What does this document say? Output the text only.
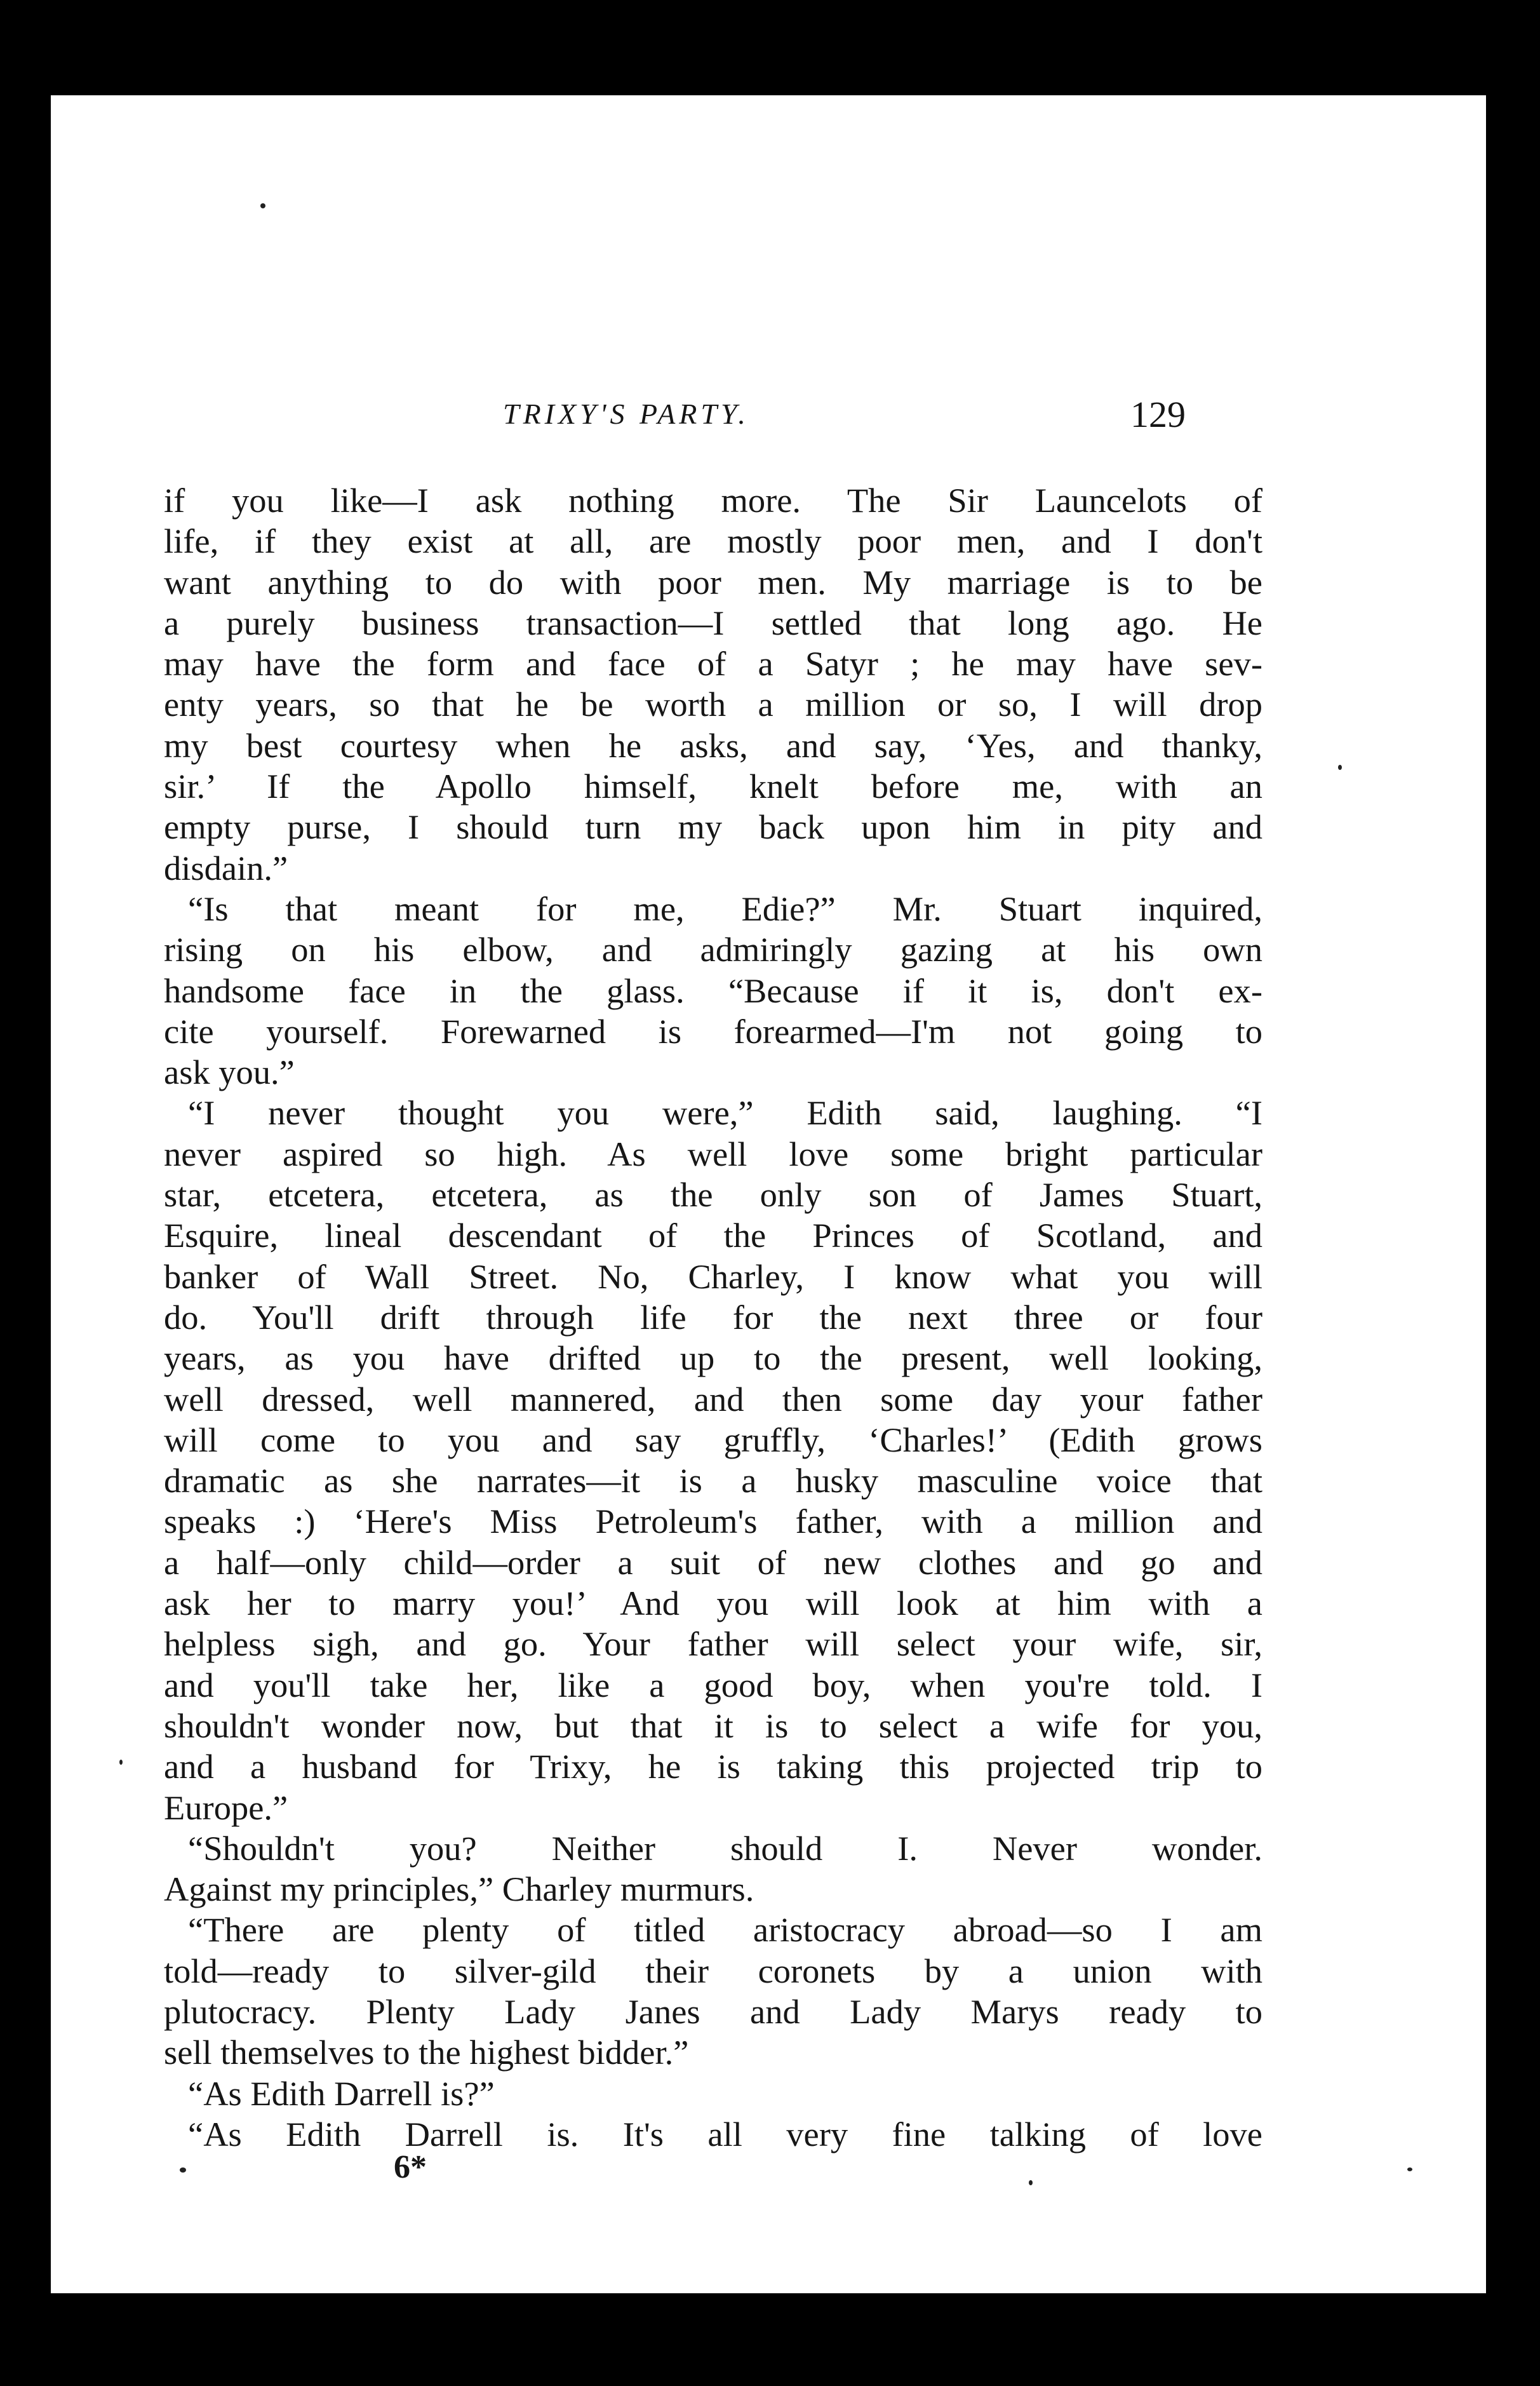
TRIXY'S PARTY.	129
if you like—I ask nothing more. The Sir Launcelots of
life, if they exist at all, are mostly poor men, and I don't
want anything to do with poor men. My marriage is to be
a purely business transaction—I settled that long ago. He
may have the form and face of a Satyr ; he may have sev-
enty years, so that he be worth a million or so, I will drop
my best courtesy when he asks, and say, ‘Yes, and thanky,
sir.’ If the Apollo himself, knelt before me, with an
empty purse, I should turn my back upon him in pity and
disdain.”
“Is that meant for me, Edie?” Mr. Stuart inquired,
rising on his elbow, and admiringly gazing at his own
handsome face in the glass. “Because if it is, don't ex-
cite yourself. Forewarned is forearmed—I'm not going to
ask you.”
“I never thought you were,” Edith said, laughing. “I
never aspired so high. As well love some bright particular
star, etcetera, etcetera, as the only son of James Stuart,
Esquire, lineal descendant of the Princes of Scotland, and
banker of Wall Street. No, Charley, I know what you will
do. You'll drift through life for the next three or four
years, as you have drifted up to the present, well looking,
well dressed, well mannered, and then some day your father
will come to you and say gruffly, ‘Charles!’ (Edith grows
dramatic as she narrates—it is a husky masculine voice that
speaks :) ‘Here's Miss Petroleum's father, with a million and
a half—only child—order a suit of new clothes and go and
ask her to marry you!’ And you will look at him with a
helpless sigh, and go. Your father will select your wife, sir,
and you'll take her, like a good boy, when you're told. I
shouldn't wonder now, but that it is to select a wife for you,
and a husband for Trixy, he is taking this projected trip to
Europe.”
“Shouldn't you? Neither should I. Never wonder.
Against my principles,” Charley murmurs.
“There are plenty of titled aristocracy abroad—so I am
told—ready to silver-gild their coronets by a union with
plutocracy. Plenty Lady Janes and Lady Marys ready to
sell themselves to the highest bidder.”
“As Edith Darrell is?”
“As Edith Darrell is. It's all very fine talking of love
6*
